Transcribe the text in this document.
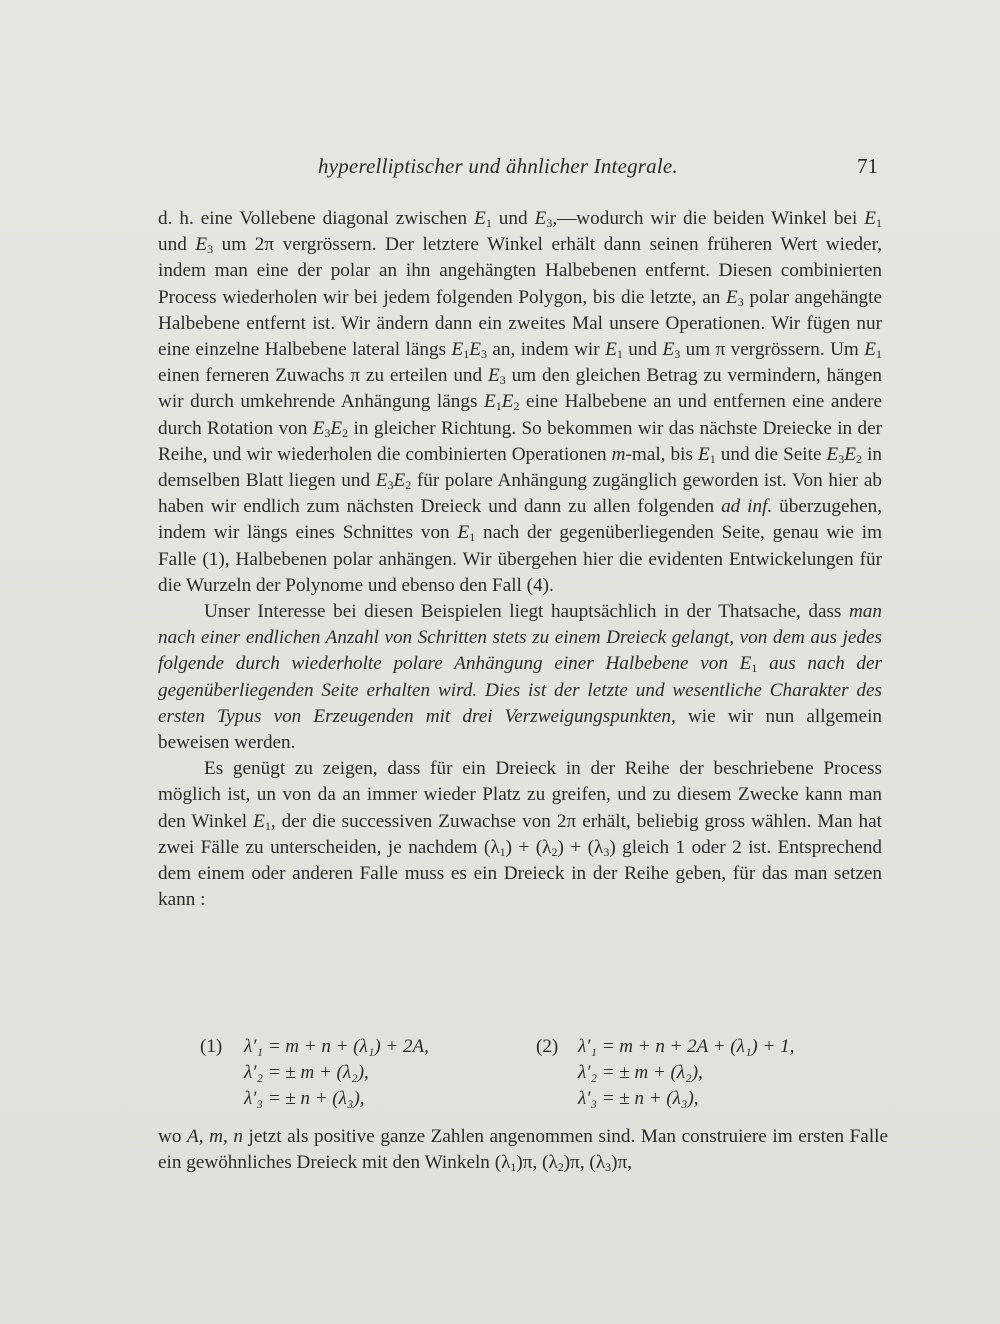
hyperelliptischer und ähnlicher Integrale.	71

d. h. eine Vollebene diagonal zwischen $E_1$ und $E_3,—wodurch$ wir die beiden Winkel bei $E_1$ und $E_3$ um 2π vergrössern. Der letztere Winkel erhält dann seinen früheren Wert wieder, indem man eine der polar an ihn angehängten Halbebenen entfernt. Diesen combinierten Process wiederholen wir bei jedem folgenden Polygon, bis die letzte, an $E_3$ polar angehängte Halbebene entfernt ist. Wir ändern dann ein zweites Mal unsere Operationen. Wir fügen nur eine einzelne Halbebene lateral längs $E_1E_3$ an, indem wir $E_1$ und $E_3$ um π vergrössern. Um $E_1$ einen ferneren Zuwachs π zu erteilen und $E_3$ um den gleichen Betrag zu vermindern, hängen wir durch umkehrende Anhängung längs $E_1E_2$ eine Halbebene an und entfernen eine andere durch Rotation von $E_3E_2$ in gleicher Richtung. So bekommen wir das nächste Dreiecke in der Reihe, und wir wiederholen die combinierten Operationen m-mal, bis $E_1$ und die Seite $E_3E_2$ in demselben Blatt liegen und $E_3E_2$ für polare Anhängung zugänglich geworden ist. Von hier ab haben wir endlich zum nächsten Dreieck und dann zu allen folgenden ad inf. überzugehen, indem wir längs eines Schnittes von $E_1$ nach der gegenüberliegenden Seite, genau wie im Falle (1), Halbebenen polar anhängen. Wir übergehen hier die evidenten Entwickelungen für die Wurzeln der Polynome und ebenso den Fall (4).

Unser Interesse bei diesen Beispielen liegt hauptsächlich in der Thatsache, dass man nach einer endlichen Anzahl von Schritten stets zu einem Dreieck gelangt, von dem aus jedes folgende durch wiederholte polare Anhängung einer Halbebene von $E_1$ aus nach der gegenüberliegenden Seite erhalten wird. Dies ist der letzte und wesentliche Charakter des ersten Typus von Erzeugenden mit drei Verzweigungspunkten, wie wir nun allgemein beweisen werden.

Es genügt zu zeigen, dass für ein Dreieck in der Reihe der beschriebene Process möglich ist, un von da an immer wieder Platz zu greifen, und zu diesem Zwecke kann man den Winkel $E_1$, der die successiven Zuwachse von 2π erhält, beliebig gross wählen. Man hat zwei Fälle zu unterscheiden, je nachdem $(\lambda_1) + (\lambda_2) + (\lambda_3)$ gleich 1 oder 2 ist. Entsprechend dem einem oder anderen Falle muss es ein Dreieck in der Reihe geben, für das man setzen kann :

(1) λ′₁ = m + n + (λ₁) + 2A,
λ′₂ = ± m + (λ₂),
λ′₃ = ± n + (λ₃),
(2) λ′₁ = m + n + 2A + (λ₁) + 1,
λ′₂ = ± m + (λ₂),
λ′₃ = ± n + (λ₃),

wo A, m, n jetzt als positive ganze Zahlen angenommen sind. Man construiere im ersten Falle ein gewöhnliches Dreieck mit den Winkeln $(\lambda_1)\pi$, $(\lambda_2)\pi$, $(\lambda_3)\pi$,
